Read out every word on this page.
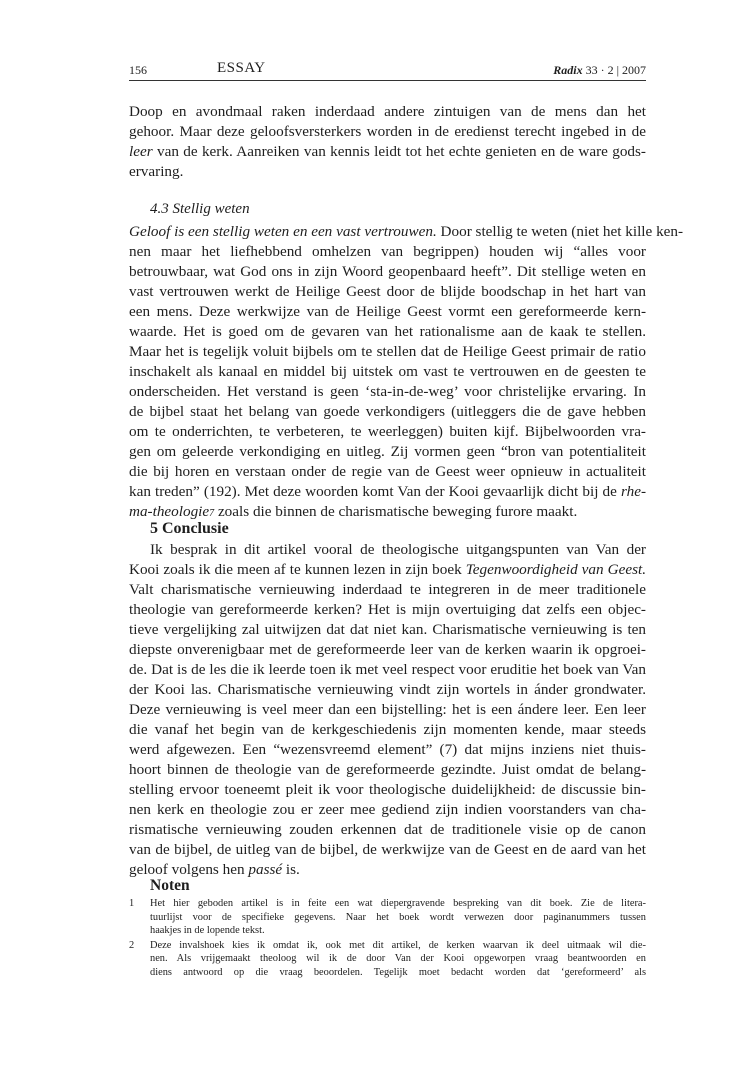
156	ESSAY	Radix 33 · 2 | 2007
Doop en avondmaal raken inderdaad andere zintuigen van de mens dan het
gehoor. Maar deze geloofsversterkers worden in de eredienst terecht ingebed in de
leer van de kerk. Aanreiken van kennis leidt tot het echte genieten en de ware gods-
ervaring.
4.3 Stellig weten
Geloof is een stellig weten en een vast vertrouwen. Door stellig te weten (niet het kille ken-
nen maar het liefhebbend omhelzen van begrippen) houden wij “alles voor
betrouwbaar, wat God ons in zijn Woord geopenbaard heeft”. Dit stellige weten en
vast vertrouwen werkt de Heilige Geest door de blijde boodschap in het hart van
een mens. Deze werkwijze van de Heilige Geest vormt een gereformeerde kern-
waarde. Het is goed om de gevaren van het rationalisme aan de kaak te stellen.
Maar het is tegelijk voluit bijbels om te stellen dat de Heilige Geest primair de ratio
inschakelt als kanaal en middel bij uitstek om vast te vertrouwen en de geesten te
onderscheiden. Het verstand is geen ‘sta-in-de-weg’ voor christelijke ervaring. In
de bijbel staat het belang van goede verkondigers (uitleggers die de gave hebben
om te onderrichten, te verbeteren, te weerleggen) buiten kijf. Bijbelwoorden vra-
gen om geleerde verkondiging en uitleg. Zij vormen geen “bron van potentialiteit
die bij horen en verstaan onder de regie van de Geest weer opnieuw in actualiteit
kan treden” (192). Met deze woorden komt Van der Kooi gevaarlijk dicht bij de rhe-
ma-theologie7 zoals die binnen de charismatische beweging furore maakt.
5 Conclusie
Ik besprak in dit artikel vooral de theologische uitgangspunten van Van der
Kooi zoals ik die meen af te kunnen lezen in zijn boek Tegenwoordigheid van Geest.
Valt charismatische vernieuwing inderdaad te integreren in de meer traditionele
theologie van gereformeerde kerken? Het is mijn overtuiging dat zelfs een objec-
tieve vergelijking zal uitwijzen dat dat niet kan. Charismatische vernieuwing is ten
diepste onverenigbaar met de gereformeerde leer van de kerken waarin ik opgroei-
de. Dat is de les die ik leerde toen ik met veel respect voor eruditie het boek van Van
der Kooi las. Charismatische vernieuwing vindt zijn wortels in ánder grondwater.
Deze vernieuwing is veel meer dan een bijstelling: het is een ándere leer. Een leer
die vanaf het begin van de kerkgeschiedenis zijn momenten kende, maar steeds
werd afgewezen. Een “wezensvreemd element” (7) dat mijns inziens niet thuis-
hoort binnen de theologie van de gereformeerde gezindte. Juist omdat de belang-
stelling ervoor toeneemt pleit ik voor theologische duidelijkheid: de discussie bin-
nen kerk en theologie zou er zeer mee gediend zijn indien voorstanders van cha-
rismatische vernieuwing zouden erkennen dat de traditionele visie op de canon
van de bijbel, de uitleg van de bijbel, de werkwijze van de Geest en de aard van het
geloof volgens hen passé is.
Noten
1 Het hier geboden artikel is in feite een wat diepergravende bespreking van dit boek. Zie de litera-
tuurlijst voor de specifieke gegevens. Naar het boek wordt verwezen door paginanummers tussen
haakjes in de lopende tekst.
2 Deze invalshoek kies ik omdat ik, ook met dit artikel, de kerken waarvan ik deel uitmaak wil die-
nen. Als vrijgemaakt theoloog wil ik de door Van der Kooi opgeworpen vraag beantwoorden en
diens antwoord op die vraag beoordelen. Tegelijk moet bedacht worden dat ‘gereformeerd’ als
